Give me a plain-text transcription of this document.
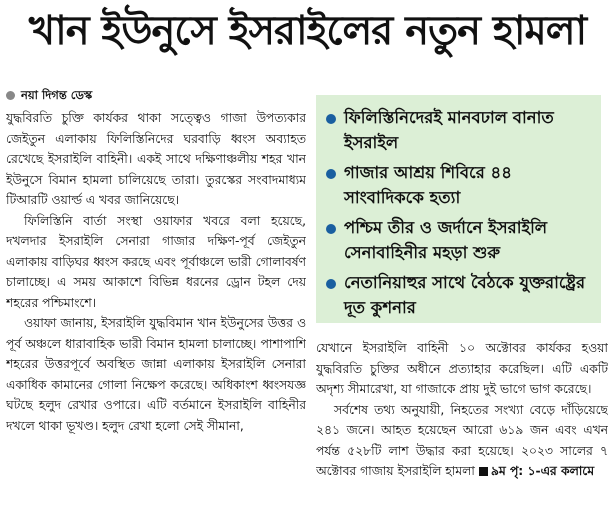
খান ইউনুসে ইসরাইলের নতুন হামলা
নয়া দিগন্ত ডেস্ক

যুদ্ধবিরতি চুক্তি কার্যকর থাকা সত্ত্বেও গাজা উপত্যকার জেইতুন এলাকায় ফিলিস্তিনিদের ঘরবাড়ি ধ্বংস অব্যাহত রেখেছে ইসরাইলি বাহিনী। একই সাথে দক্ষিণাঞ্চলীয় শহর খান ইউনুসে বিমান হামলা চালিয়েছে তারা। তুরস্কের সংবাদমাধ্যম টিআরটি ওয়ার্ল্ড এ খবর জানিয়েছে।

ফিলিস্তিনি বার্তা সংস্থা ওয়াফার খবরে বলা হয়েছে, দখলদার ইসরাইলি সেনারা গাজার দক্ষিণ-পূর্ব জেইতুন এলাকায় বাড়িঘর ধ্বংস করছে এবং পূর্বাঞ্চলে ভারী গোলাবর্ষণ চালাচ্ছে। এ সময় আকাশে বিভিন্ন ধরনের ড্রোন টহল দেয় শহরের পশ্চিমাংশে।

ওয়াফা জানায়, ইসরাইলি যুদ্ধবিমান খান ইউনুসের উত্তর ও পূর্ব অঞ্চলে ধারাবাহিক ভারী বিমান হামলা চালাচ্ছে। পাশাপাশি শহরের উত্তরপূর্বে অবস্থিত জান্না এলাকায় ইসরাইলি সেনারা একাধিক কামানের গোলা নিক্ষেপ করেছে। অধিকাংশ ধ্বংসযজ্ঞ ঘটছে হলুদ রেখার ওপারে। এটি বর্তমানে ইসরাইলি বাহিনীর দখলে থাকা ভূখণ্ড। হলুদ রেখা হলো সেই সীমানা,

ফিলিস্তিনিদেরই মানবঢাল বানাত ইসরাইল
গাজার আশ্রয় শিবিরে ৪৪ সাংবাদিককে হত্যা
পশ্চিম তীর ও জর্দানে ইসরাইলি সেনাবাহিনীর মহড়া শুরু
নেতানিয়াহুর সাথে বৈঠকে যুক্তরাষ্ট্রের দূত কুশনার

যেখানে ইসরাইলি বাহিনী ১০ অক্টোবর কার্যকর হওয়া যুদ্ধবিরতি চুক্তির অধীনে প্রত্যাহার করেছিল। এটি একটি অদৃশ্য সীমারেখা, যা গাজাকে প্রায় দুই ভাগে ভাগ করেছে।

সর্বশেষ তথ্য অনুযায়ী, নিহতের সংখ্যা বেড়ে দাঁড়িয়েছে ২৪১ জনে। আহত হয়েছেন আরো ৬১৯ জন এবং এখন পর্যন্ত ৫২৮টি লাশ উদ্ধার করা হয়েছে। ২০২৩ সালের ৭ অক্টোবর গাজায় ইসরাইলি হামলা ৯ম পৃ: ১-এর কলামে
